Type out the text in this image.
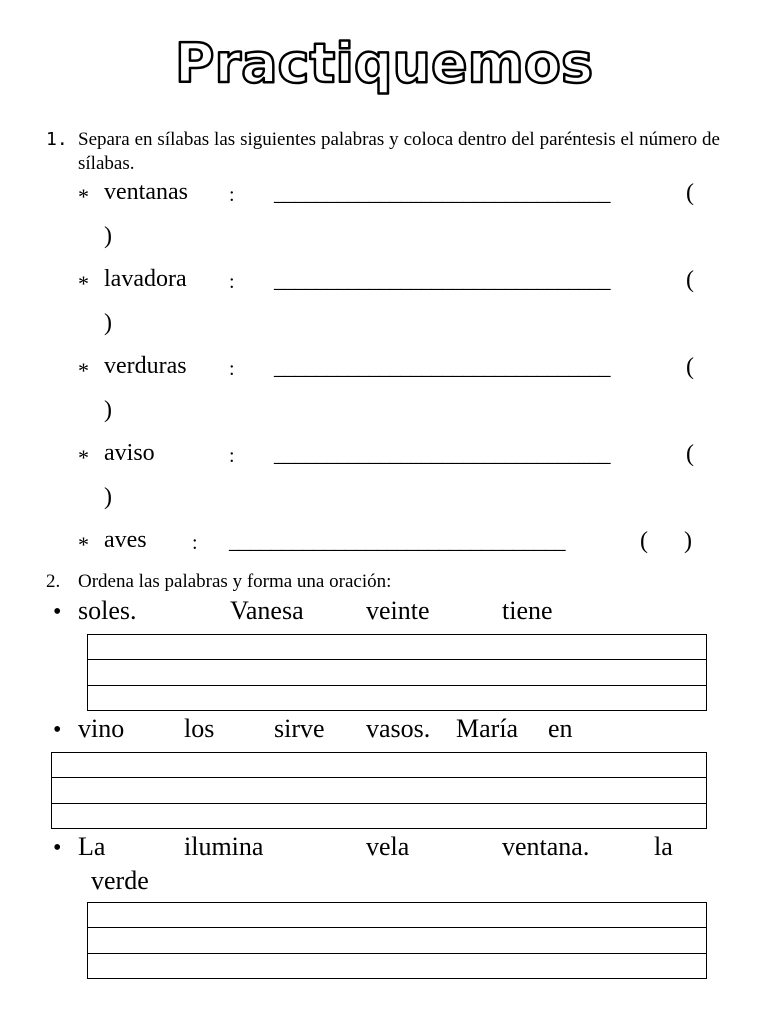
Practiquemos
1. Separa en sílabas las siguientes palabras y coloca dentro del paréntesis el número de sílabas.
* ventanas : ________________________________	(
)
* lavadora : ________________________________	(
)
* verduras : ________________________________	(
)
* aviso	: ________________________________	(
)
* aves : ________________________________	( )
2. Ordena las palabras y forma una oración:
• soles.	Vanesa veinte	tiene
• vino los sirve vasos. María en
• La	ilumina	vela	ventana. la
verde
